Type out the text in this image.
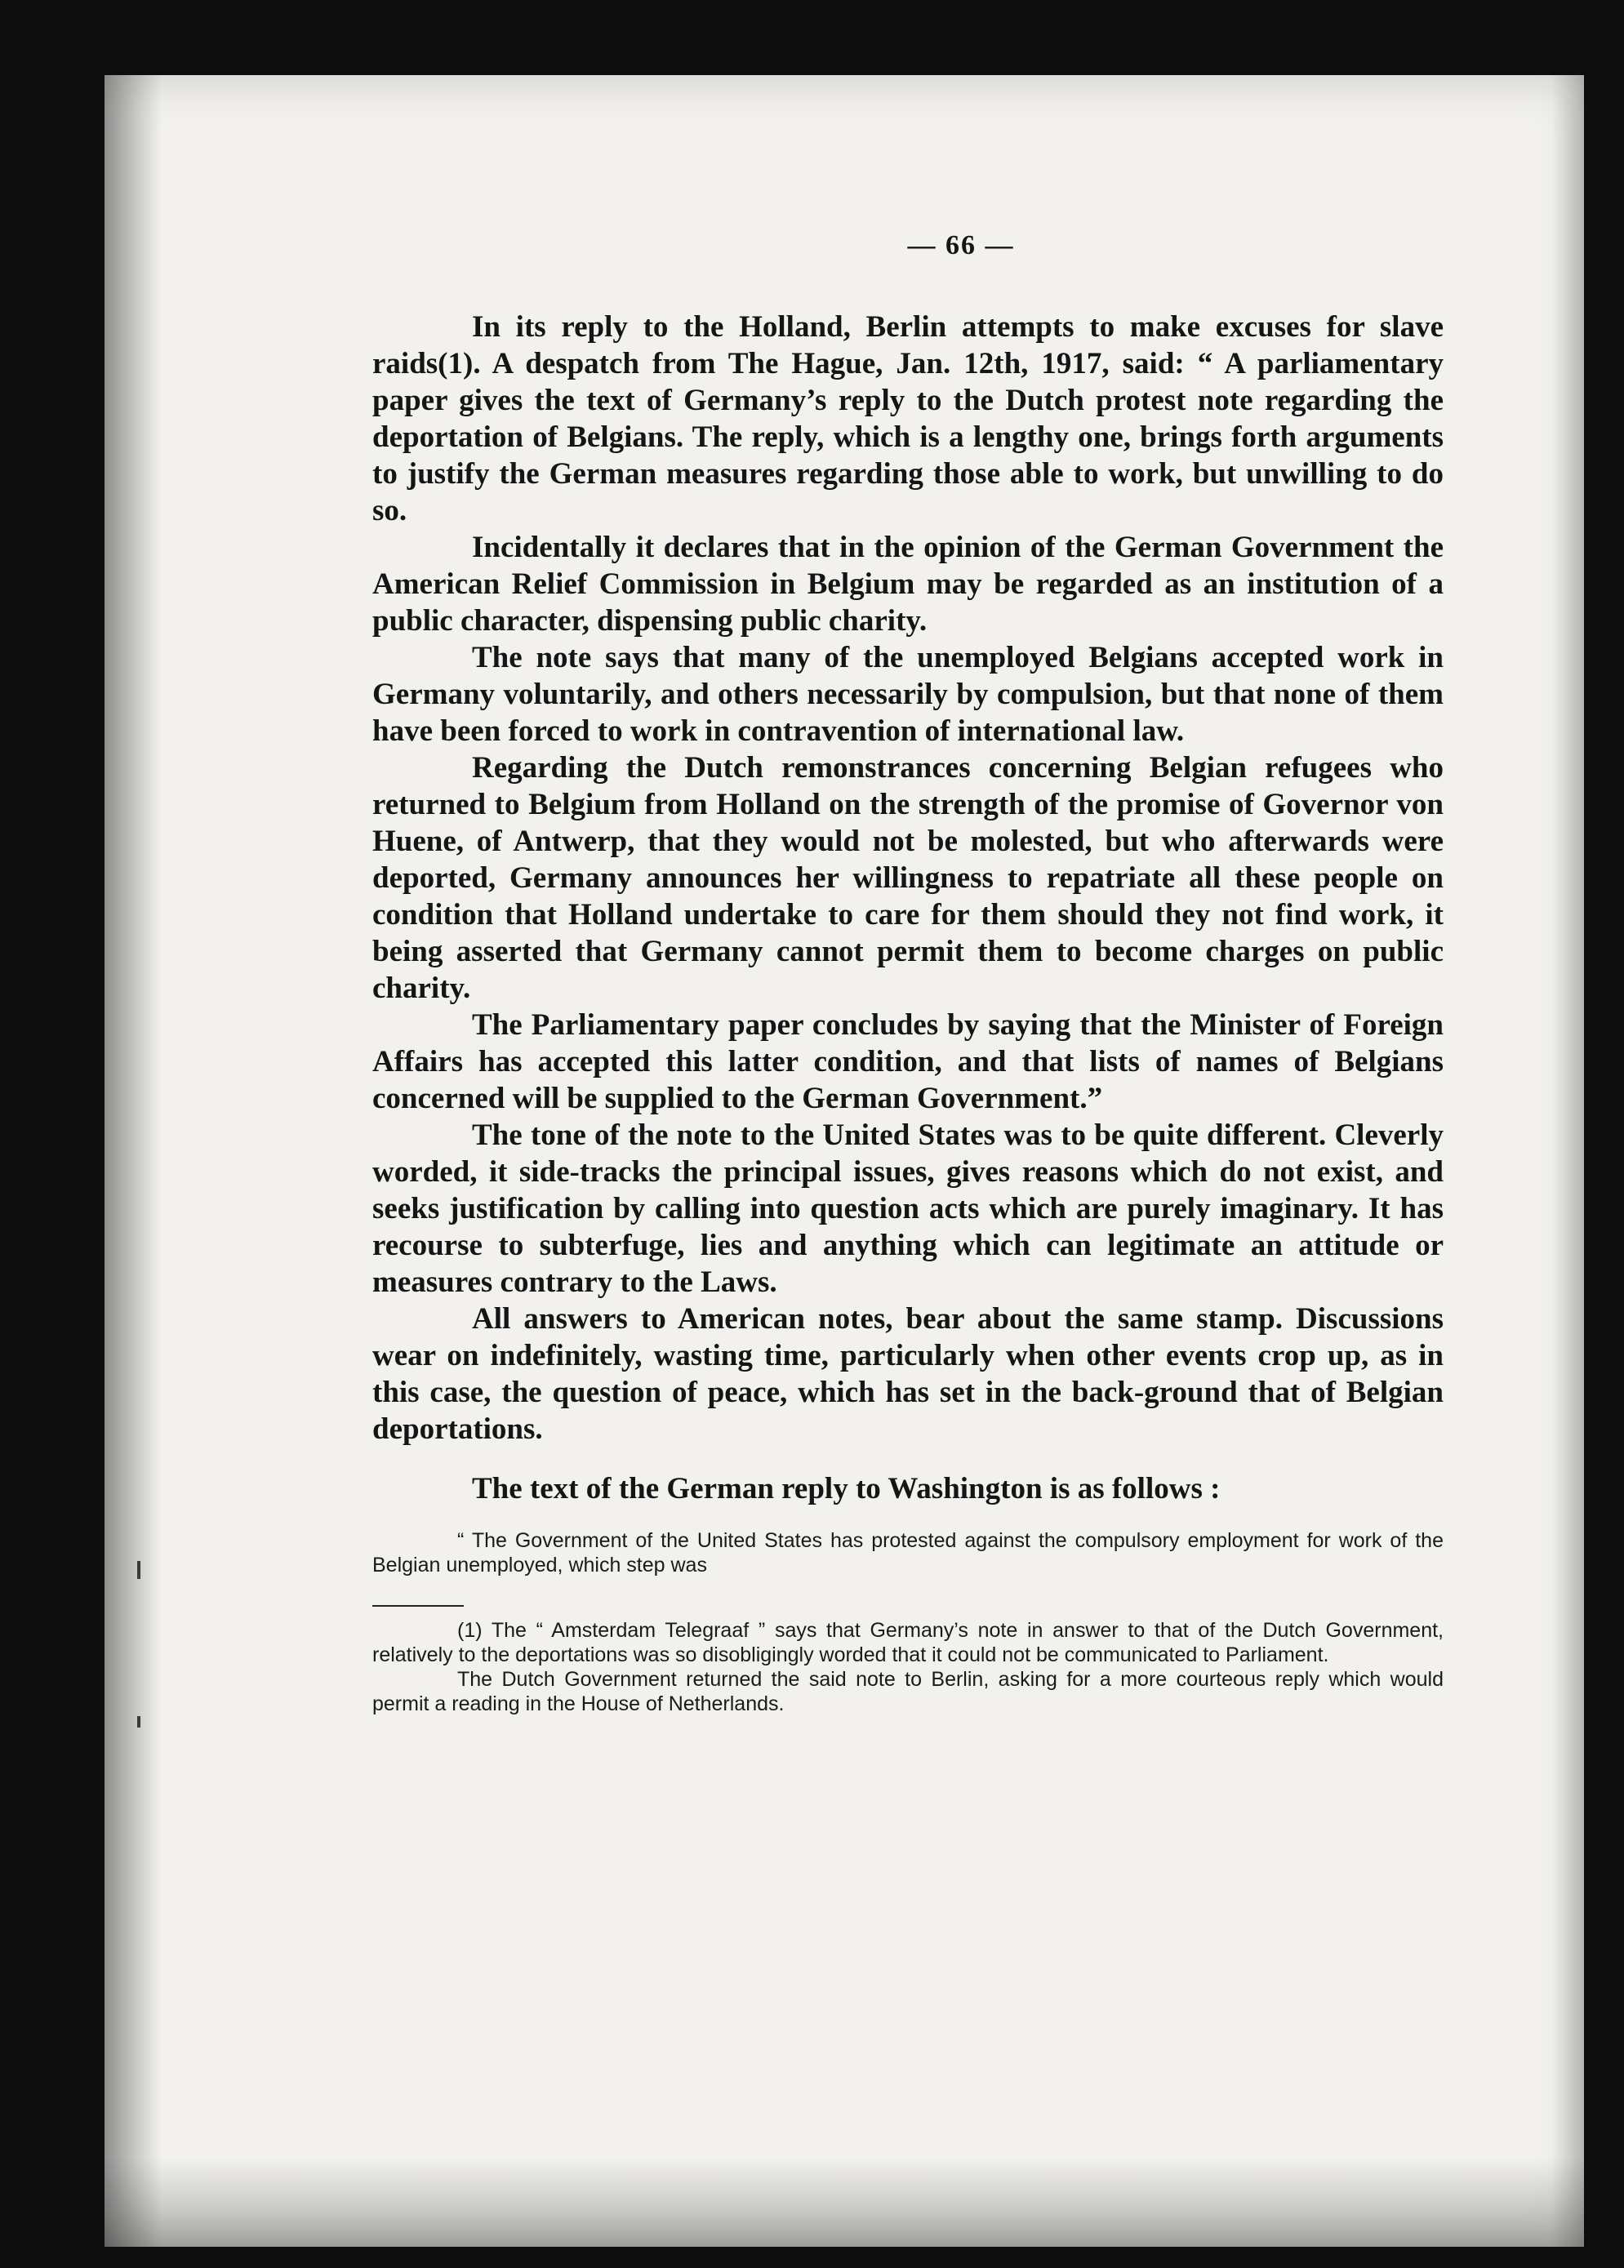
— 66 —

In its reply to the Holland, Berlin attempts to make excuses for slave raids(1). A despatch from The Hague, Jan. 12th, 1917, said: “ A parliamentary paper gives the text of Germany’s reply to the Dutch protest note regarding the deportation of Belgians. The reply, which is a lengthy one, brings forth arguments to justify the German measures regarding those able to work, but unwilling to do so.

Incidentally it declares that in the opinion of the German Government the American Relief Commission in Belgium may be regarded as an institution of a public character, dispensing public charity.

The note says that many of the unemployed Belgians accepted work in Germany voluntarily, and others necessarily by compulsion, but that none of them have been forced to work in contravention of international law.

Regarding the Dutch remonstrances concerning Belgian refugees who returned to Belgium from Holland on the strength of the promise of Governor von Huene, of Antwerp, that they would not be molested, but who afterwards were deported, Germany announces her willingness to repatriate all these people on condition that Holland undertake to care for them should they not find work, it being asserted that Germany cannot permit them to become charges on public charity.

The Parliamentary paper concludes by saying that the Minister of Foreign Affairs has accepted this latter condition, and that lists of names of Belgians concerned will be supplied to the German Government.”

The tone of the note to the United States was to be quite different. Cleverly worded, it side-tracks the principal issues, gives reasons which do not exist, and seeks justification by calling into question acts which are purely imaginary. It has recourse to subterfuge, lies and anything which can legitimate an attitude or measures contrary to the Laws.

All answers to American notes, bear about the same stamp. Discussions wear on indefinitely, wasting time, particularly when other events crop up, as in this case, the question of peace, which has set in the back-ground that of Belgian deportations.

The text of the German reply to Washington is as follows :

“ The Government of the United States has protested against the compulsory employment for work of the Belgian unemployed, which step was

(1) The “ Amsterdam Telegraaf ” says that Germany’s note in answer to that of the Dutch Government, relatively to the deportations was so disobligingly worded that it could not be communicated to Parliament.

The Dutch Government returned the said note to Berlin, asking for a more courteous reply which would permit a reading in the House of Netherlands.
